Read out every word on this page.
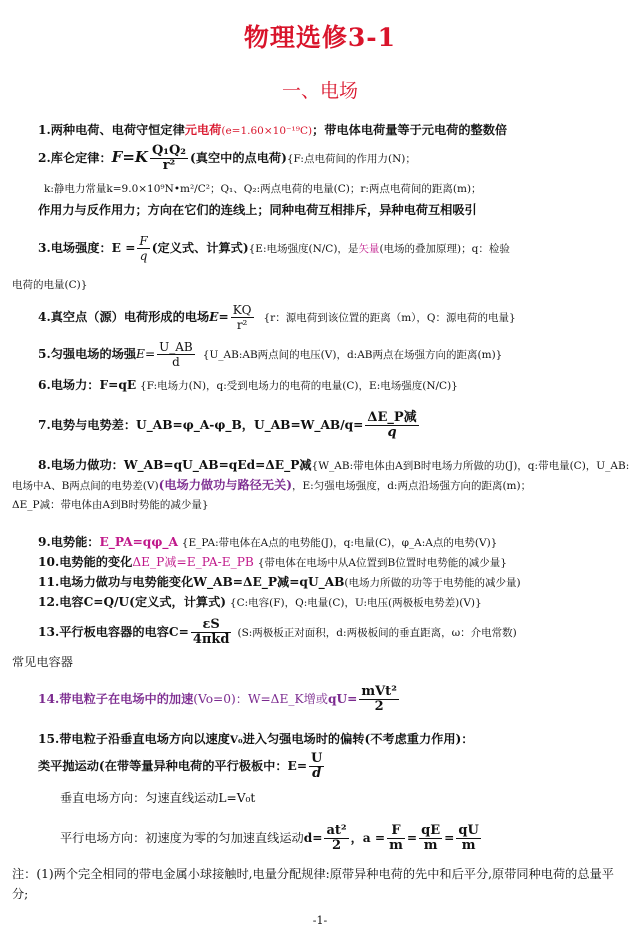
物理选修3-1
一、电场
1.两种电荷、电荷守恒定律元电荷(e=1.60×10⁻¹⁹C)；带电体电荷量等于元电荷的整数倍
2.库仑定律：$F=K \frac{\text{Q₁Q₂}}{\text{r²}}$ (真空中的点电荷){F:点电荷间的作用力(N)；
k:静电力常量k=9.0×10⁹N•m²/C²；Q₁、Q₂:两点电荷的电量(C)；r:两点电荷间的距离(m)；
作用力与反作用力；方向在它们的连线上；同种电荷互相排斥，异种电荷互相吸引
3.电场强度：$E = \frac{F}{q}$ (定义式、计算式){E:电场强度(N/C)，是矢量(电场的叠加原理)；q：检验
电荷的电量(C)}
4.真空点（源）电荷形成的电场$E= \frac{KQ}{\text{r²}} \{r$：源电荷到该位置的距离（m），Q：源电荷的电量}
5.匀强电场的场强$E= \frac{U\_AB}{d}$ {U_AB:AB两点间的电压(V)，d:AB两点在场强方向的距离(m)}
6.电场力：F=qE {F:电场力(N)，q:受到电场力的电荷的电量(C)，E:电场强度(N/C)}
7.电势与电势差：U_AB=φ_A-φ_B，U_AB=W_AB/q= $\frac{\text{ΔE\_P减}}{q}$
8.电场力做功：W_AB=qU_AB=qEd=ΔE_P减{W_AB:带电体由A到B时电场力所做的功(J)，q:带电量(C)，U_AB:
电场中A、B两点间的电势差(V)(电场力做功与路径无关)，E:匀强电场强度，d:两点沿场强方向的距离(m)；
ΔE_P减：带电体由A到B时势能的减少量}
9.电势能：E_PA=qφ_A {E_PA:带电体在A点的电势能(J)，q:电量(C)，φ_A:A点的电势(V)}
10.电势能的变化ΔE_P减=E_PA-E_PB {带电体在电场中从A位置到B位置时电势能的减少量}
11.电场力做功与电势能变化W_AB=ΔE_P减=qU_AB(电场力所做的功等于电势能的减少量)
12.电容C=Q/U(定义式，计算式) {C:电容(F)，Q:电量(C)，U:电压(两极板电势差)(V)}
13.平行板电容器的电容$C= \frac{\varepsilon S}{\text{4πkd}} (S$:两极板正对面积，d:两极板间的垂直距离，ω：介电常数)
常见电容器
14.带电粒子在电场中的加速(Vo=0)：W=ΔE_K增或$qU= \frac{\text{mVt²}}{2}$
15.带电粒子沿垂直电场方向以速度V₀进入匀强电场时的偏转(不考虑重力作用)：
类平抛运动(在带等量异种电荷的平行极板中：$E= \frac{U}{d}$
垂直电场方向：匀速直线运动L=V₀t
平行电场方向：初速度为零的匀加速直线运动$d= \frac{\text{at²}}{2}$ ，$a = \frac{F}{m} = \frac{qE}{m} = \frac{qU}{m}$
注：(1)两个完全相同的带电金属小球接触时,电量分配规律:原带异种电荷的先中和后平分,原带同种电荷的总量平分;
-1-
